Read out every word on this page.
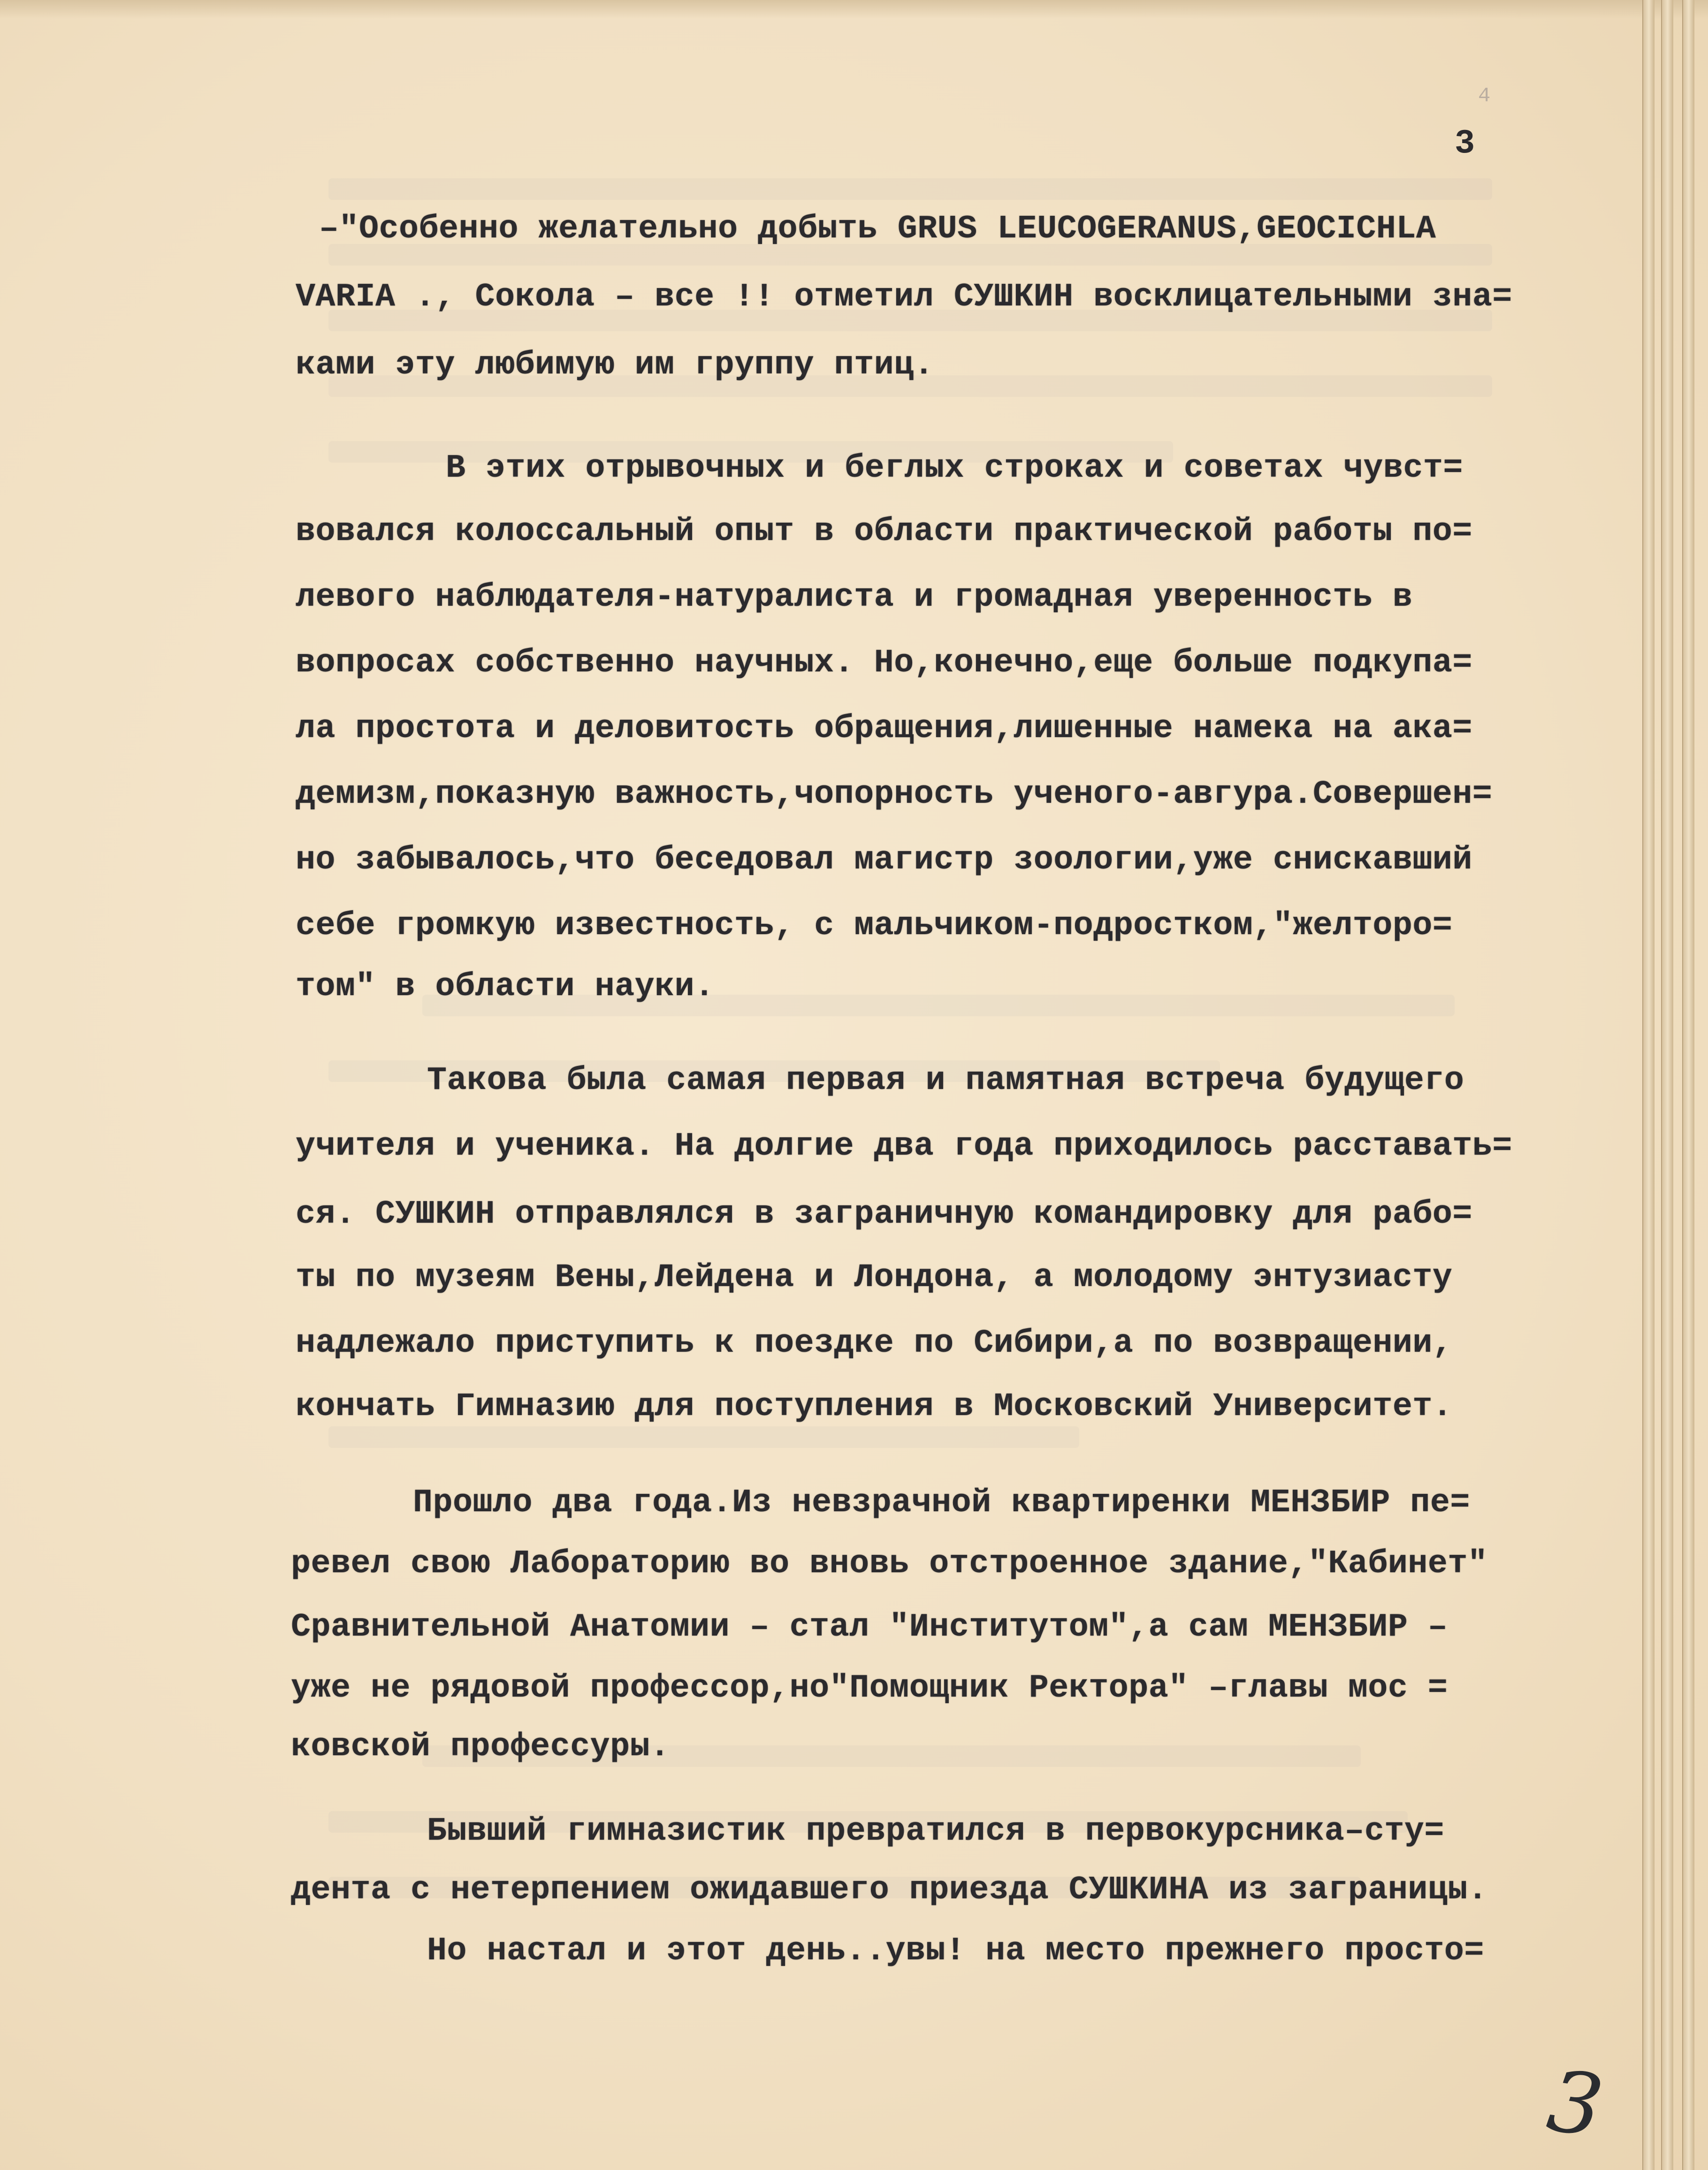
4
3
–"Особенно желательно добыть GRUS LEUCOGERANUS,GEOCICHLA
VARIA ., Сокола – все !! отметил СУШКИН восклицательными зна=
ками эту любимую им группу птиц.
В этих отрывочных и беглых строках и советах чувст=
вовался колоссальный опыт в области практической работы по=
левого наблюдателя-натуралиста и громадная уверенность в
вопросах собственно научных. Но,конечно,еще больше подкупа=
ла простота и деловитость обращения,лишенные намека на ака=
демизм,показную важность,чопорность ученого-авгура.Совершен=
но забывалось,что беседовал магистр зоологии,уже снискавший
себе громкую известность, с мальчиком-подростком,"желторо=
том" в области науки.
Такова была самая первая и памятная встреча будущего
учителя и ученика. На долгие два года приходилось расставать=
ся. СУШКИН отправлялся в заграничную командировку для рабо=
ты по музеям Вены,Лейдена и Лондона, а молодому энтузиасту
надлежало приступить к поездке по Сибири,а по возвращении,
кончать Гимназию для поступления в Московский Университет.
Прошло два года.Из невзрачной квартиренки МЕНЗБИР пе=
ревел свою Лабораторию во вновь отстроенное здание,"Кабинет"
Сравнительной Анатомии – стал "Институтом",а сам МЕНЗБИР –
уже не рядовой профессор,но"Помощник Ректора" –главы мос =
ковской профессуры.
Бывший гимназистик превратился в первокурсника–сту=
дента с нетерпением ожидавшего приезда СУШКИНА из заграницы.
Но настал и этот день..увы! на место прежнего просто=
3
